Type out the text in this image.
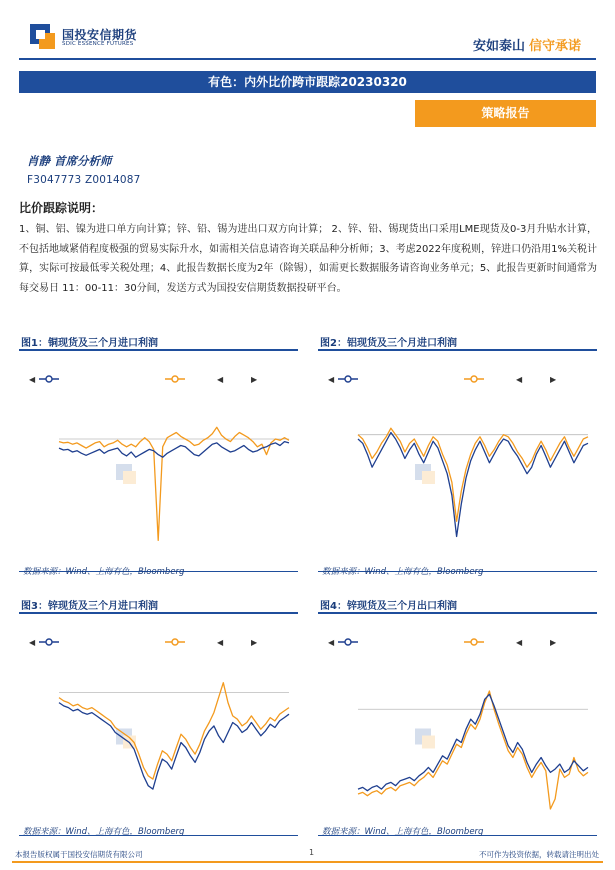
国投安信期货
SDIC ESSENCE FUTURES	安如泰山 信守承诺
有色：内外比价跨市跟踪20230320
策略报告
肖静 首席分析师
F3047773 Z0014087
比价跟踪说明：
1、铜、铝、镍为进口单方向计算；锌、铅、锡为进出口双方向计算； 2、锌、铅、锡现货出口采用LME现货及0-3月升贴水计算，不包括地域紧俏程度极强的贸易实际升水，如需相关信息请咨询关联品种分析师；3、考虑2022年度税则，锌进口仍沿用1%关税计算，实际可按最低零关税处理；4、此报告数据长度为2年（除锡），如需更长数据服务请咨询业务单元；5、此报告更新时间通常为每交易日 11：00-11：30分间，发送方式为国投安信期货数据投研平台。
图1：铜现货及三个月进口利润
◀	◀	▶
数据来源：Wind、上海有色，Bloomberg
图2：铝现货及三个月进口利润
◀	◀	▶
数据来源：Wind、上海有色，Bloomberg
图3：锌现货及三个月进口利润
◀	◀	▶
数据来源：Wind、上海有色，Bloomberg
图4：锌现货及三个月出口利润
◀	◀	▶
数据来源：Wind、上海有色，Bloomberg
本报告版权属于国投安信期货有限公司	1	不可作为投资依据，转载请注明出处
